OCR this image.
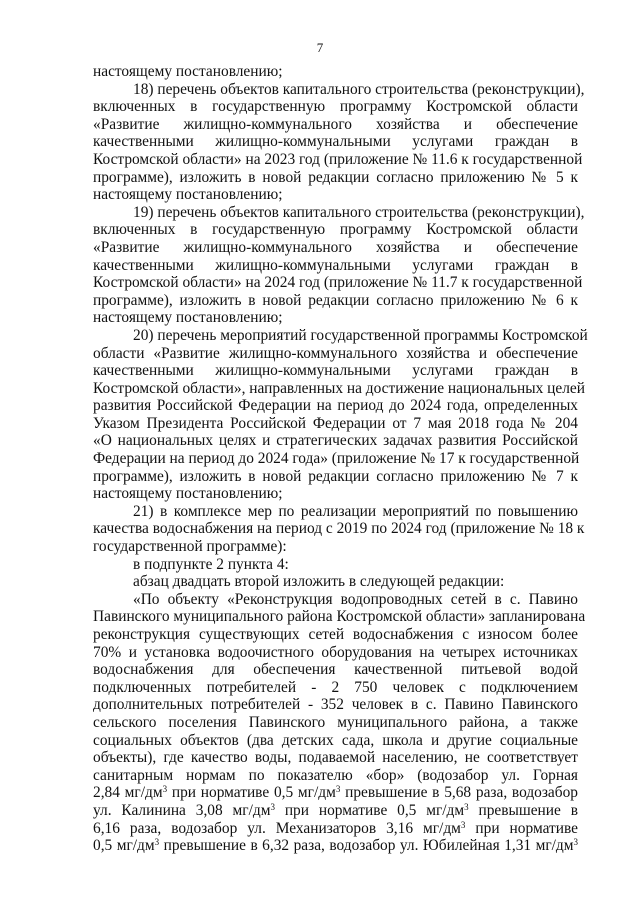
7
настоящему постановлению;
18) перечень объектов капитального строительства (реконструкции),
включенных в государственную программу Костромской области
«Развитие жилищно-коммунального хозяйства и обеспечение
качественными жилищно-коммунальными услугами граждан в
Костромской области» на 2023 год (приложение № 11.6 к государственной
программе), изложить в новой редакции согласно приложению № 5 к
настоящему постановлению;
19) перечень объектов капитального строительства (реконструкции),
включенных в государственную программу Костромской области
«Развитие жилищно-коммунального хозяйства и обеспечение
качественными жилищно-коммунальными услугами граждан в
Костромской области» на 2024 год (приложение № 11.7 к государственной
программе), изложить в новой редакции согласно приложению № 6 к
настоящему постановлению;
20) перечень мероприятий государственной программы Костромской
области «Развитие жилищно-коммунального хозяйства и обеспечение
качественными жилищно-коммунальными услугами граждан в
Костромской области», направленных на достижение национальных целей
развития Российской Федерации на период до 2024 года, определенных
Указом Президента Российской Федерации от 7 мая 2018 года № 204
«О национальных целях и стратегических задачах развития Российской
Федерации на период до 2024 года» (приложение № 17 к государственной
программе), изложить в новой редакции согласно приложению № 7 к
настоящему постановлению;
21) в комплексе мер по реализации мероприятий по повышению
качества водоснабжения на период с 2019 по 2024 год (приложение № 18 к
государственной программе):
в подпункте 2 пункта 4:
абзац двадцать второй изложить в следующей редакции:
«По объекту «Реконструкция водопроводных сетей в с. Павино
Павинского муниципального района Костромской области» запланирована
реконструкция существующих сетей водоснабжения с износом более
70% и установка водоочистного оборудования на четырех источниках
водоснабжения для обеспечения качественной питьевой водой
подключенных потребителей - 2 750 человек с подключением
дополнительных потребителей - 352 человек в с. Павино Павинского
сельского поселения Павинского муниципального района, а также
социальных объектов (два детских сада, школа и другие социальные
объекты), где качество воды, подаваемой населению, не соответствует
санитарным нормам по показателю «бор» (водозабор ул. Горная
2,84 $мг/дм^3$ при нормативе 0,5 $мг/дм^3$ превышение в 5,68 раза, водозабор
ул. Калинина 3,08 $мг/дм^3$ при нормативе 0,5 $мг/дм^3$ превышение в
6,16 раза, водозабор ул. Механизаторов 3,16 $мг/дм^3$ при нормативе
0,5 $мг/дм^3$ превышение в 6,32 раза, водозабор ул. Юбилейная 1,31 $мг/дм^3$
